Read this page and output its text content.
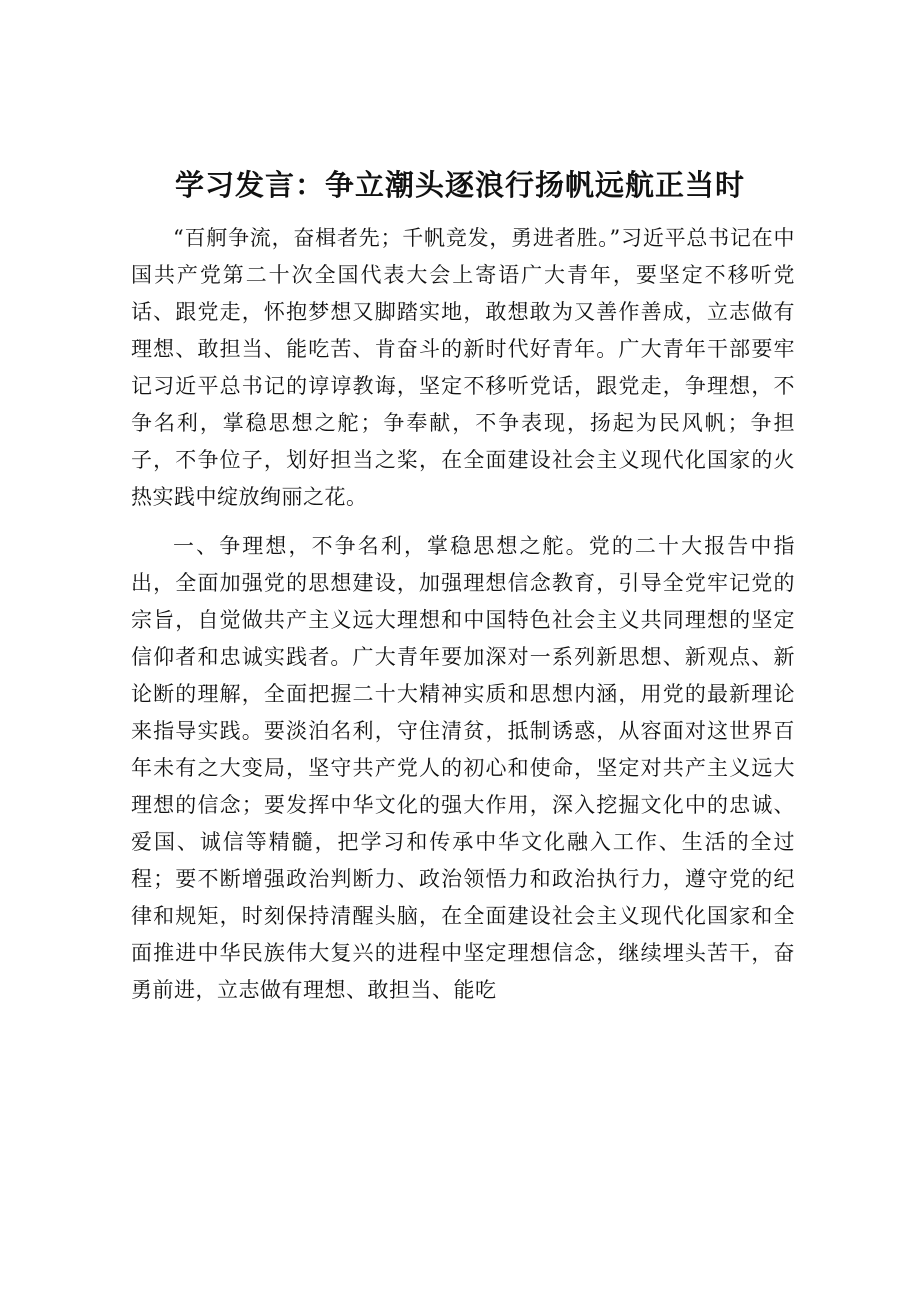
学习发言：争立潮头逐浪行扬帆远航正当时

“百舸争流，奋楫者先；千帆竞发，勇进者胜。”习近平总书记在中国共产党第二十次全国代表大会上寄语广大青年，要坚定不移听党话、跟党走，怀抱梦想又脚踏实地，敢想敢为又善作善成，立志做有理想、敢担当、能吃苦、肯奋斗的新时代好青年。广大青年干部要牢记习近平总书记的谆谆教诲，坚定不移听党话，跟党走，争理想，不争名利，掌稳思想之舵；争奉献，不争表现，扬起为民风帆；争担子，不争位子，划好担当之桨，在全面建设社会主义现代化国家的火热实践中绽放绚丽之花。

一、争理想，不争名利，掌稳思想之舵。党的二十大报告中指出，全面加强党的思想建设，加强理想信念教育，引导全党牢记党的宗旨，自觉做共产主义远大理想和中国特色社会主义共同理想的坚定信仰者和忠诚实践者。广大青年要加深对一系列新思想、新观点、新论断的理解，全面把握二十大精神实质和思想内涵，用党的最新理论来指导实践。要淡泊名利，守住清贫，抵制诱惑，从容面对这世界百年未有之大变局，坚守共产党人的初心和使命，坚定对共产主义远大理想的信念；要发挥中华文化的强大作用，深入挖掘文化中的忠诚、爱国、诚信等精髓，把学习和传承中华文化融入工作、生活的全过程；要不断增强政治判断力、政治领悟力和政治执行力，遵守党的纪律和规矩，时刻保持清醒头脑，在全面建设社会主义现代化国家和全面推进中华民族伟大复兴的进程中坚定理想信念，继续埋头苦干，奋勇前进，立志做有理想、敢担当、能吃
